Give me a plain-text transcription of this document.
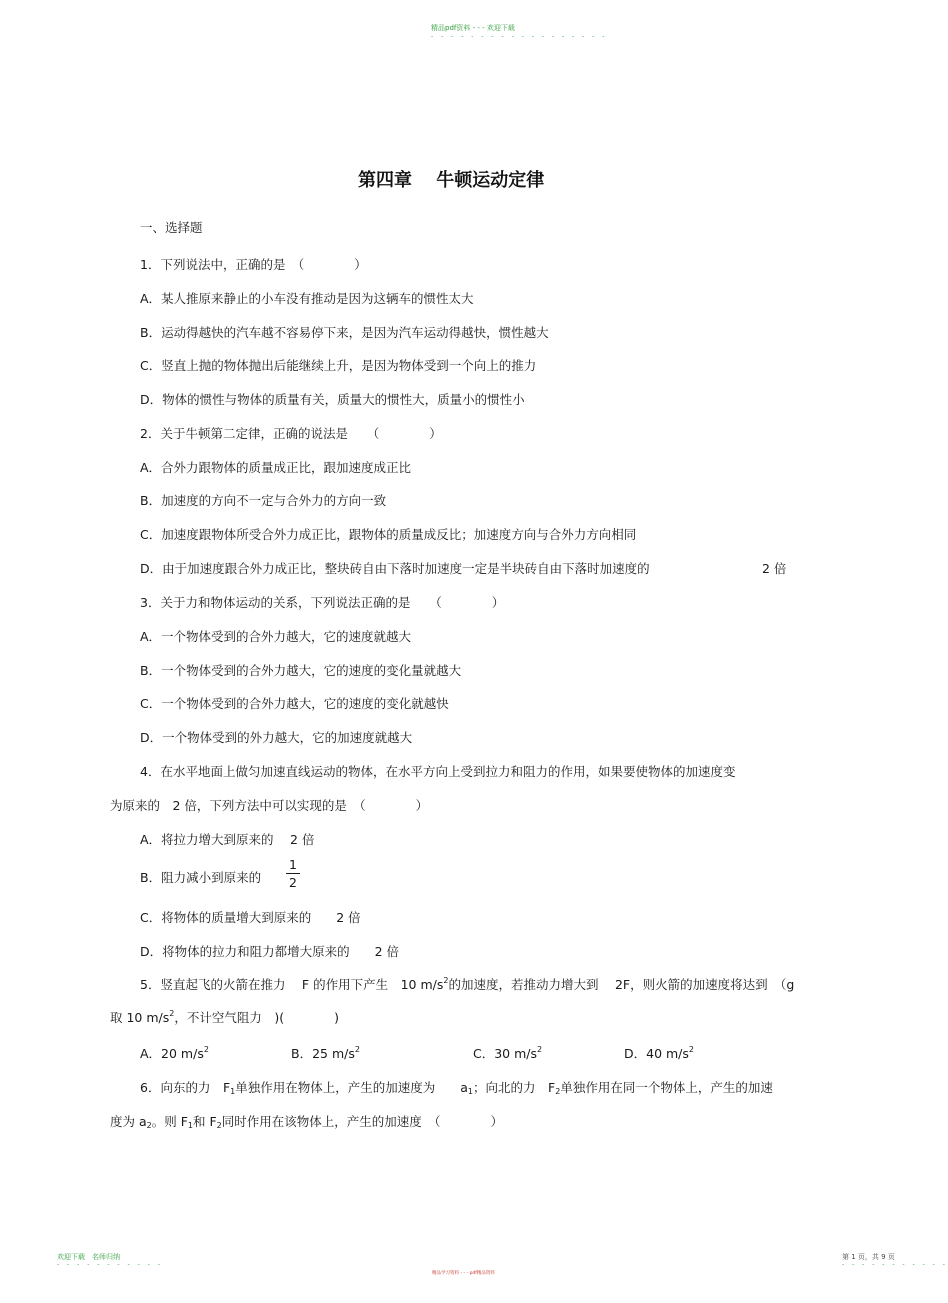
精品pdf资料 - - - 欢迎下载
- - - - - - - - - - - - - - - - - -
第四章　 牛顿运动定律
一、选择题
1．下列说法中，正确的是　（　　　　）
A．某人推原来静止的小车没有推动是因为这辆车的惯性太大
B．运动得越快的汽车越不容易停下来，是因为汽车运动得越快，惯性越大
C．竖直上抛的物体抛出后能继续上升，是因为物体受到一个向上的推力
D．物体的惯性与物体的质量有关，质量大的惯性大，质量小的惯性小
2．关于牛顿第二定律，正确的说法是　　（　　　　）
A．合外力跟物体的质量成正比，跟加速度成正比
B．加速度的方向不一定与合外力的方向一致
C．加速度跟物体所受合外力成正比，跟物体的质量成反比；加速度方向与合外力方向相同
D．由于加速度跟合外力成正比，整块砖自由下落时加速度一定是半块砖自由下落时加速度的	2 倍
3．关于力和物体运动的关系，下列说法正确的是　　（　　　　）
A．一个物体受到的合外力越大，它的速度就越大
B．一个物体受到的合外力越大，它的速度的变化量就越大
C．一个物体受到的合外力越大，它的速度的变化就越快
D．一个物体受到的外力越大，它的加速度就越大
4．在水平地面上做匀加速直线运动的物体，在水平方向上受到拉力和阻力的作用，如果要使物体的加速度变
为原来的　2 倍，下列方法中可以实现的是　（　　　　）
A．将拉力增大到原来的　 2 倍
B．阻力减小到原来的
1
2
C．将物体的质量增大到原来的　　2 倍
D．将物体的拉力和阻力都增大原来的　　2 倍
5．竖直起飞的火箭在推力　 F 的作用下产生　10 $m/s^2$的加速度，若推动力增大到　 2F，则火箭的加速度将达到　（g
取 10 $m/s^2$，不计空气阻力　)(　　　　)
A．20 $m/s^2$	B．25 $m/s^2$	C．30 $m/s^2$	D．40 $m/s^2$
6．向东的力　$F_1$单独作用在物体上，产生的加速度为　　$a_1$；向北的力　$F_2$单独作用在同一个物体上，产生的加速
度为 $a_2$。则 $F_1$和 $F_2$同时作用在该物体上，产生的加速度　（　　　　）
欢迎下载　名师归纳
- - - - - - - - - - -
精品学习资料 - - - pdf精品资料
第 1 页，共 9 页
- - - - - - - - - - -
